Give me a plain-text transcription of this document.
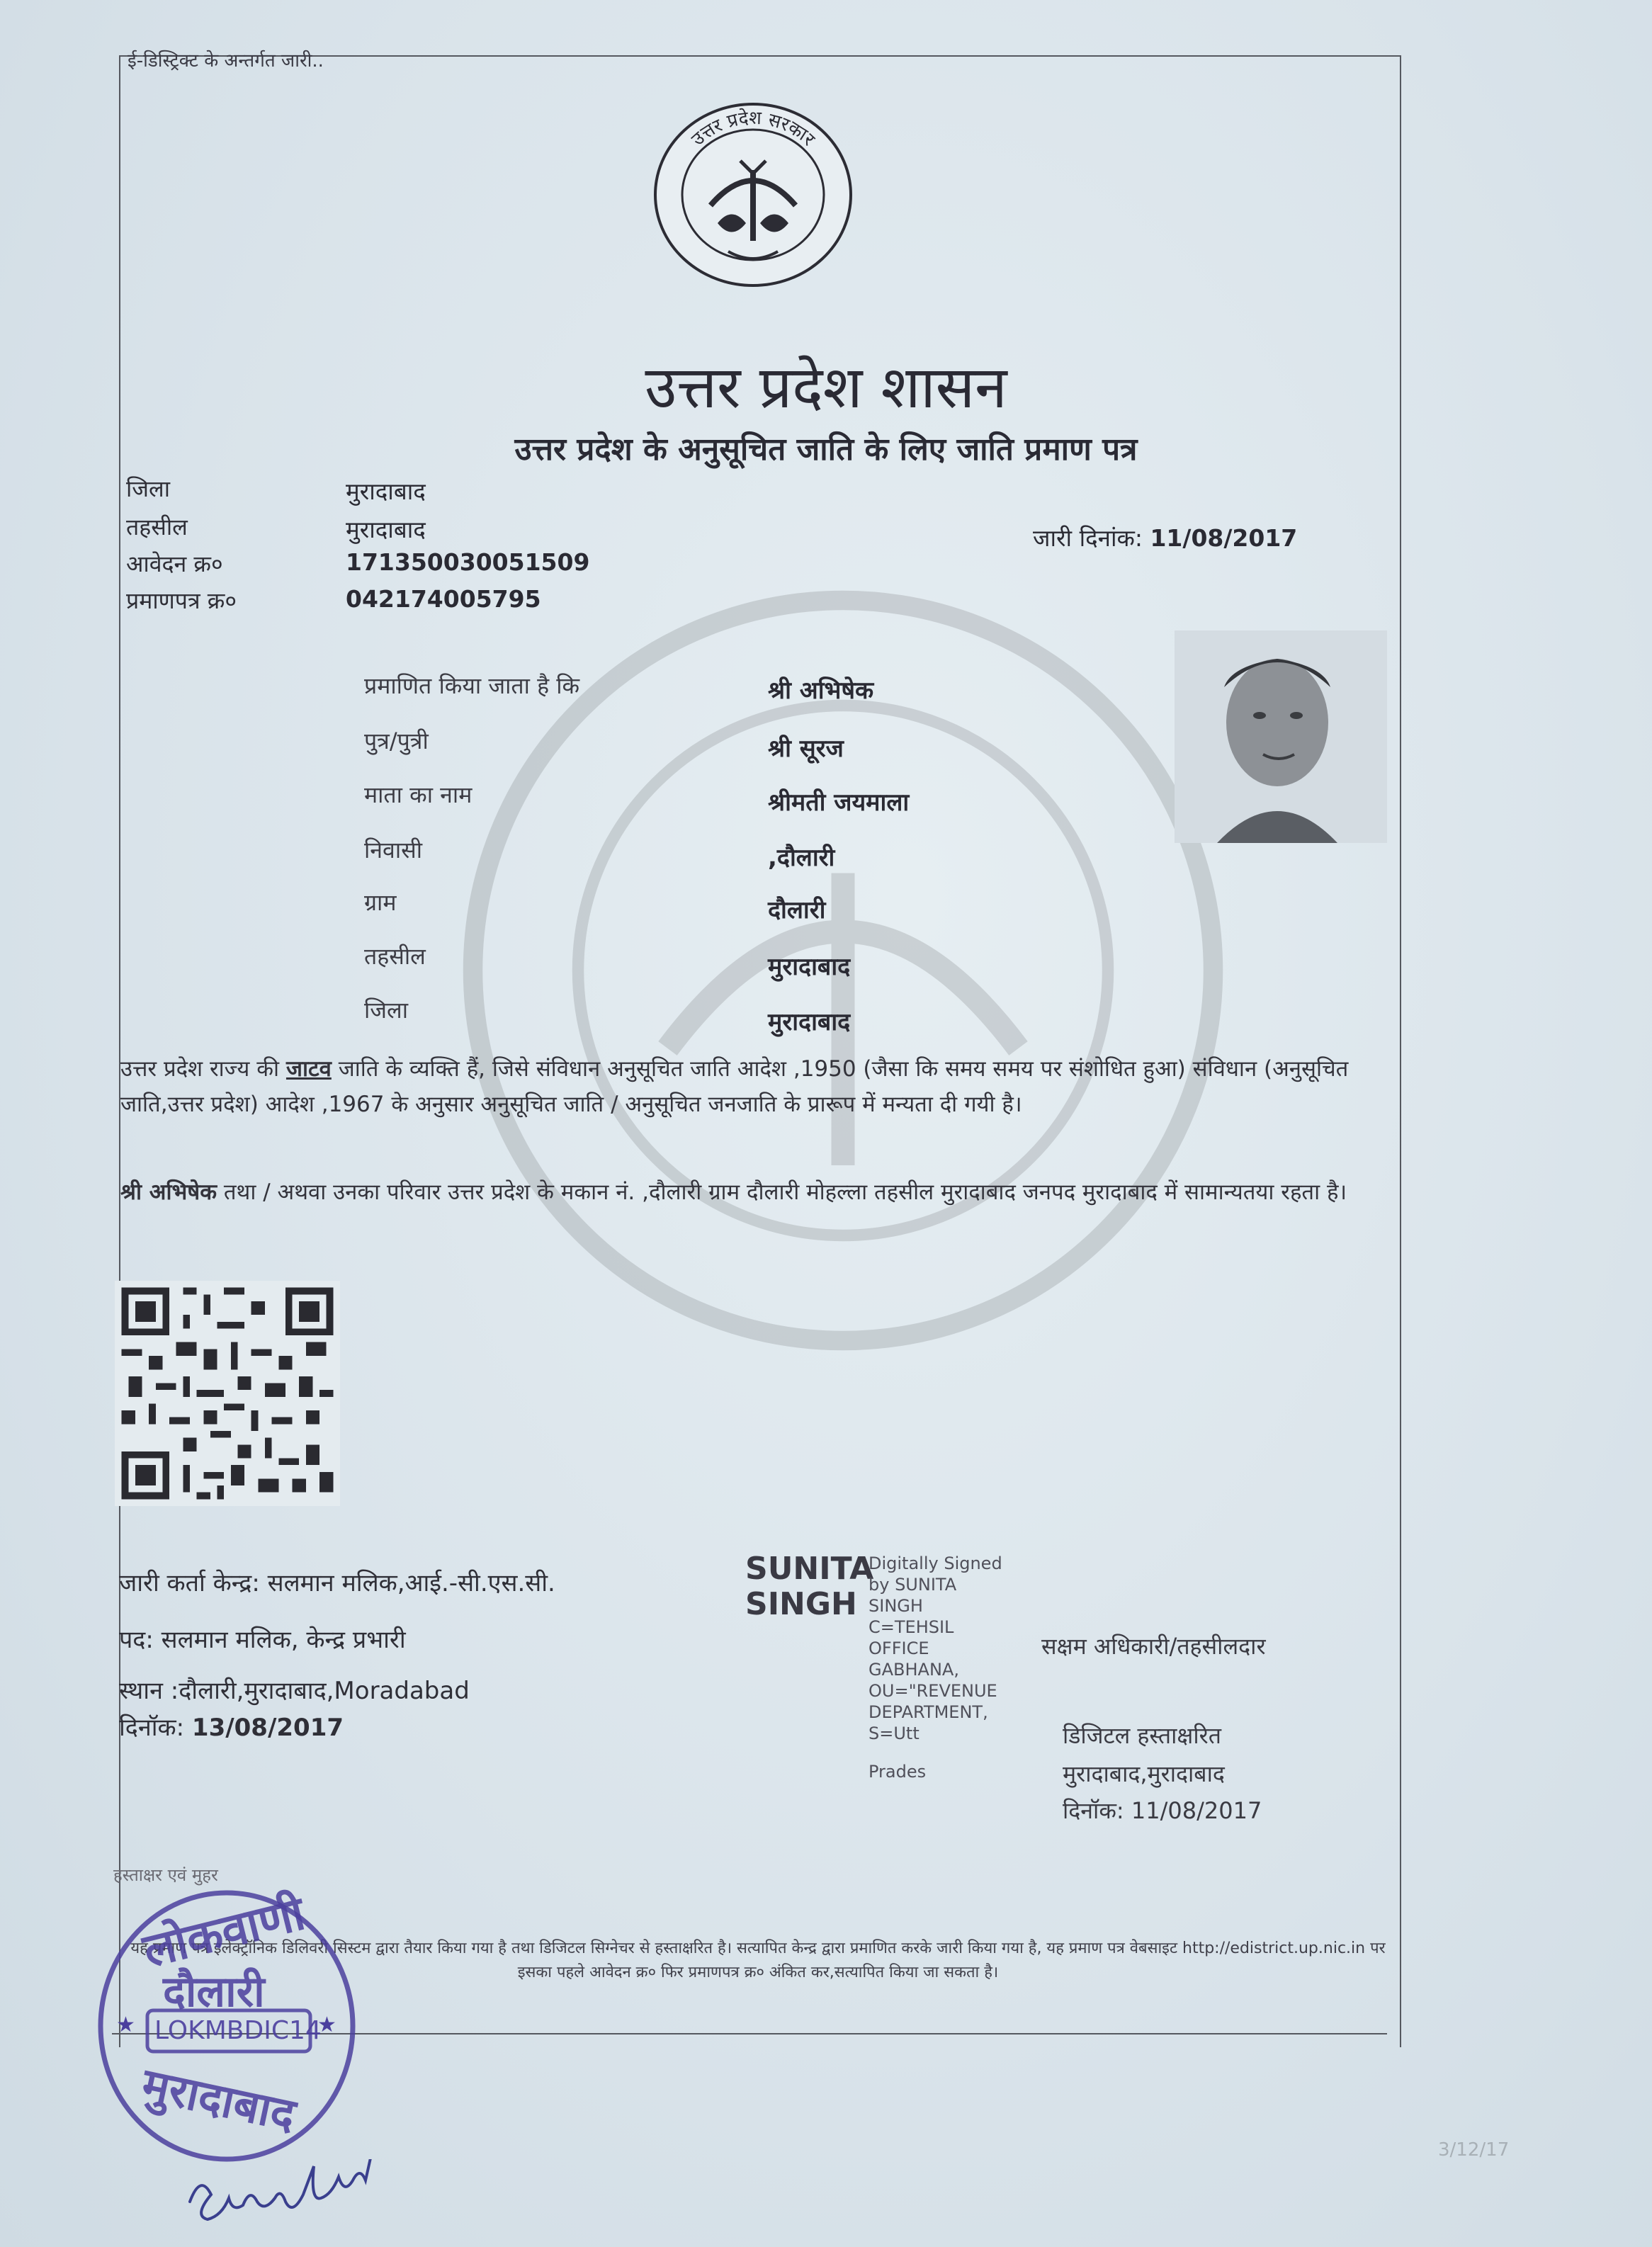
ई-डिस्ट्रिक्ट के अन्तर्गत जारी..
उत्तर प्रदेश सरकार
उत्तर प्रदेश शासन
उत्तर प्रदेश के अनुसूचित जाति के लिए जाति प्रमाण पत्र
जिला	मुरादाबाद
तहसील	मुरादाबाद
आवेदन क्र०	171350030051509
प्रमाणपत्र क्र०	042174005795
जारी दिनांक: 11/08/2017
प्रमाणित किया जाता है कि	श्री अभिषेक
पुत्र/पुत्री	श्री सूरज
माता का नाम	श्रीमती जयमाला
निवासी	,दौलारी
ग्राम	दौलारी
तहसील	मुरादाबाद
जिला	मुरादाबाद
उत्तर प्रदेश राज्य की जाटव जाति के व्यक्ति हैं, जिसे संविधान अनुसूचित जाति आदेश ,1950 (जैसा कि समय समय पर संशोधित हुआ) संविधान (अनुसूचित जाति,उत्तर प्रदेश) आदेश ,1967 के अनुसार अनुसूचित जाति / अनुसूचित जनजाति के प्रारूप में मन्यता दी गयी है।
श्री अभिषेक तथा / अथवा उनका परिवार उत्तर प्रदेश के मकान नं. ,दौलारी ग्राम दौलारी मोहल्ला तहसील मुरादाबाद जनपद मुरादाबाद में सामान्यतया रहता है।
जारी कर्ता केन्द्र: सलमान मलिक,आई.-सी.एस.सी.
पद: सलमान मलिक, केन्द्र प्रभारी
स्थान :दौलारी,मुरादाबाद,Moradabad
दिनॉक: 13/08/2017
SUNITA
SINGH
Digitally Signed
by SUNITA
SINGH
C=TEHSIL
OFFICE
GABHANA,
OU="REVENUE
DEPARTMENT,
S=Utt
Prades
सक्षम अधिकारी/तहसीलदार
डिजिटल हस्ताक्षरित
मुरादाबाद,मुरादाबाद
दिनॉक: 11/08/2017
हस्ताक्षर एवं मुहर
यह प्रमाण पत्र इलेक्ट्रॉनिक डिलिवरी सिस्टम द्वारा तैयार किया गया है तथा डिजिटल सिग्नेचर से हस्ताक्षरित है। सत्यापित केन्द्र द्वारा प्रमाणित करके जारी किया गया है, यह प्रमाण पत्र वेबसाइट http://edistrict.up.nic.in पर इसका पहले आवेदन क्र० फिर प्रमाणपत्र क्र० अंकित कर,सत्यापित किया जा सकता है।
★	★
लोकवाणी
दौलारी
LOKMBDIC14
मुरादाबाद
3/12/17
